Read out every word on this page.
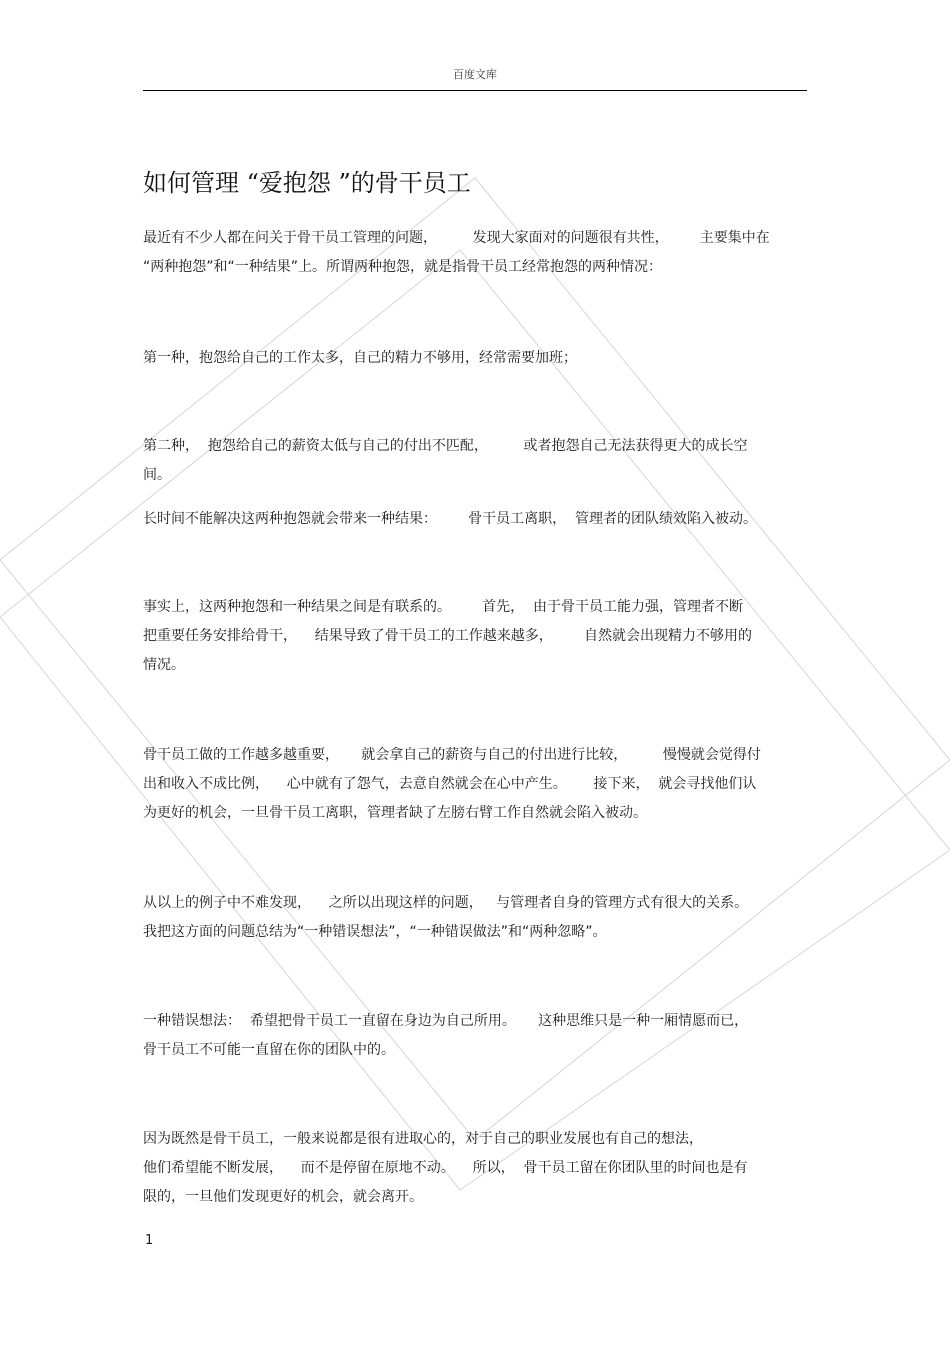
百度文库
如何管理 “爱抱怨 ”的骨干员工
最近有不少人都在问关于骨干员工管理的问题，        发现大家面对的问题很有共性，       主要集中在
“两种抱怨”和“一种结果”上。所谓两种抱怨，就是指骨干员工经常抱怨的两种情况：
第一种，抱怨给自己的工作太多，自己的精力不够用，经常需要加班；
第二种，  抱怨给自己的薪资太低与自己的付出不匹配，        或者抱怨自己无法获得更大的成长空
间。
长时间不能解决这两种抱怨就会带来一种结果：       骨干员工离职，  管理者的团队绩效陷入被动。
事实上，这两种抱怨和一种结果之间是有联系的。       首先，  由于骨干员工能力强，管理者不断
把重要任务安排给骨干，    结果导致了骨干员工的工作越来越多，       自然就会出现精力不够用的
情况。
骨干员工做的工作越多越重要，     就会拿自己的薪资与自己的付出进行比较，        慢慢就会觉得付
出和收入不成比例，    心中就有了怨气，去意自然就会在心中产生。      接下来，  就会寻找他们认
为更好的机会，一旦骨干员工离职，管理者缺了左膀右臂工作自然就会陷入被动。
从以上的例子中不难发现，    之所以出现这样的问题，   与管理者自身的管理方式有很大的关系。
我把这方面的问题总结为“一种错误想法”，“一种错误做法”和“两种忽略”。
一种错误想法：  希望把骨干员工一直留在身边为自己所用。     这种思维只是一种一厢情愿而已，
骨干员工不可能一直留在你的团队中的。
因为既然是骨干员工，一般来说都是很有进取心的，对于自己的职业发展也有自己的想法，
他们希望能不断发展，    而不是停留在原地不动。    所以，  骨干员工留在你团队里的时间也是有
限的，一旦他们发现更好的机会，就会离开。
1
